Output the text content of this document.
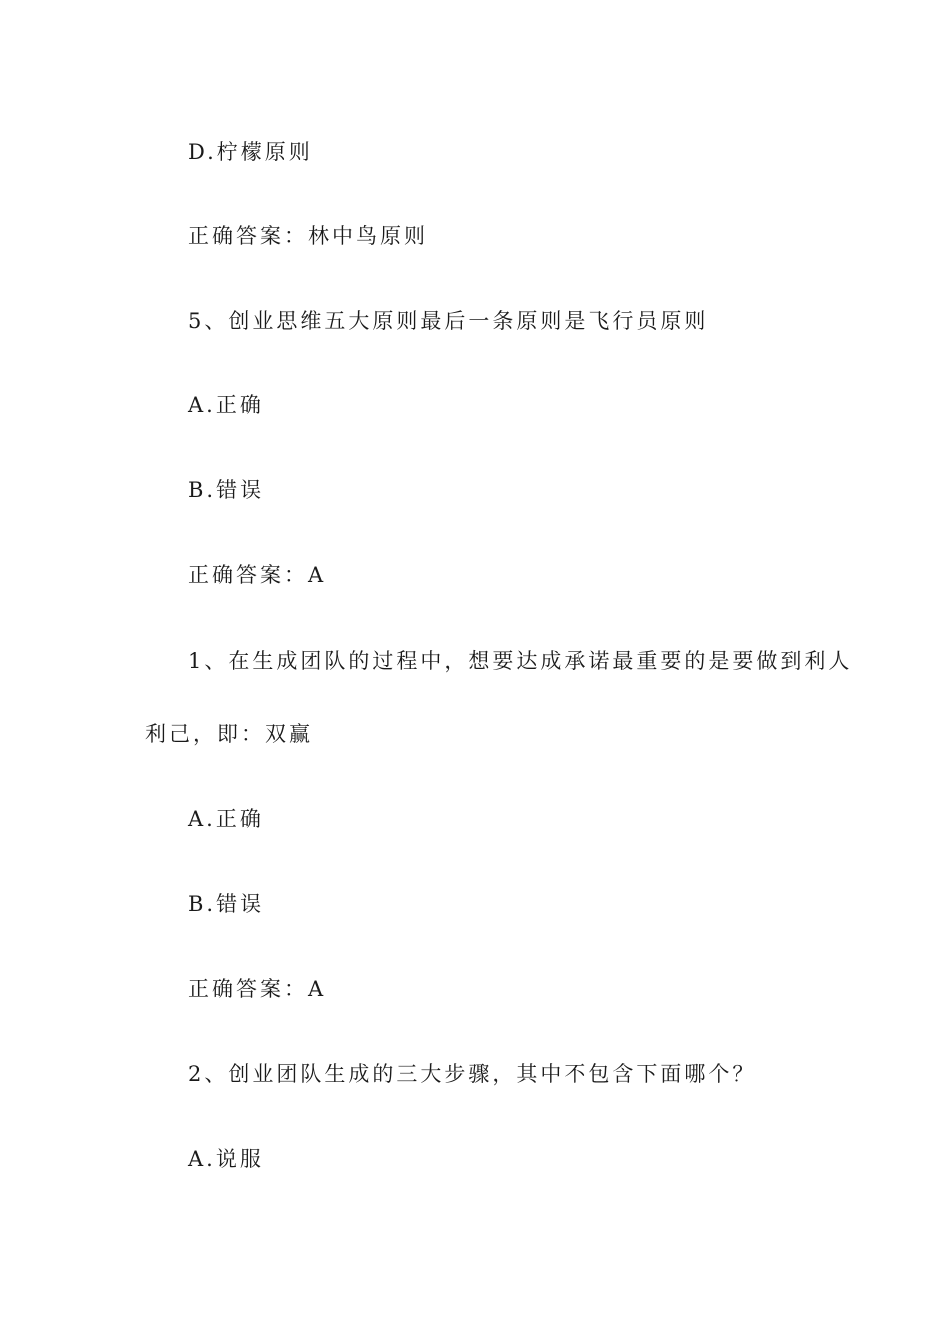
D.柠檬原则

正确答案：林中鸟原则

5、创业思维五大原则最后一条原则是飞行员原则

A.正确

B.错误

正确答案：A

1、在生成团队的过程中，想要达成承诺最重要的是要做到利人

利己，即：双赢

A.正确

B.错误

正确答案：A

2、创业团队生成的三大步骤，其中不包含下面哪个？

A.说服
